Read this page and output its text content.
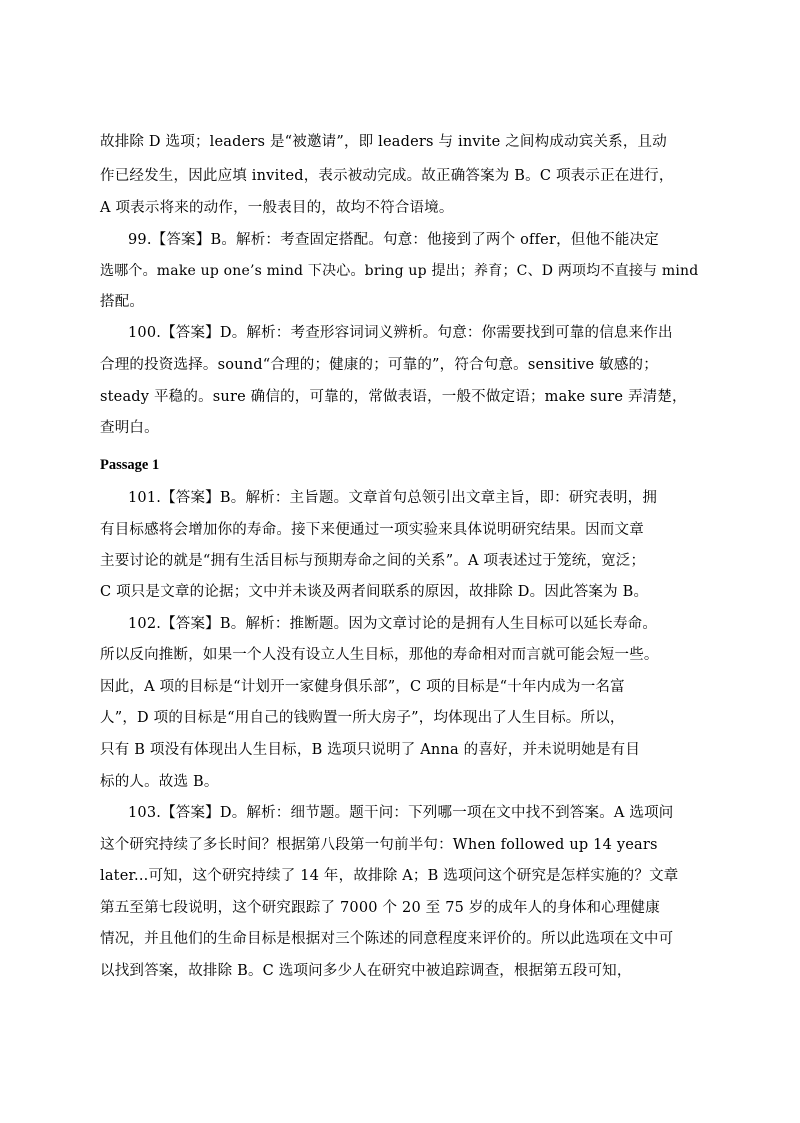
故排除 D 选项；leaders 是“被邀请”，即 leaders 与 invite 之间构成动宾关系，且动
作已经发生，因此应填 invited，表示被动完成。故正确答案为 B。C 项表示正在进行，
A 项表示将来的动作，一般表目的，故均不符合语境。
99.【答案】B。解析：考查固定搭配。句意：他接到了两个 offer，但他不能决定
选哪个。make up one’s mind 下决心。bring up 提出；养育；C、D 两项均不直接与 mind
搭配。
100.【答案】D。解析：考查形容词词义辨析。句意：你需要找到可靠的信息来作出
合理的投资选择。sound“合理的；健康的；可靠的”，符合句意。sensitive 敏感的；
steady 平稳的。sure 确信的，可靠的，常做表语，一般不做定语；make sure 弄清楚，
查明白。
Passage 1
101.【答案】B。解析：主旨题。文章首句总领引出文章主旨，即：研究表明，拥
有目标感将会增加你的寿命。接下来便通过一项实验来具体说明研究结果。因而文章
主要讨论的就是“拥有生活目标与预期寿命之间的关系”。A 项表述过于笼统，宽泛；
C 项只是文章的论据；文中并未谈及两者间联系的原因，故排除 D。因此答案为 B。
102.【答案】B。解析：推断题。因为文章讨论的是拥有人生目标可以延长寿命。
所以反向推断，如果一个人没有设立人生目标，那他的寿命相对而言就可能会短一些。
因此，A 项的目标是“计划开一家健身俱乐部”，C 项的目标是“十年内成为一名富
人”，D 项的目标是“用自己的钱购置一所大房子”，均体现出了人生目标。所以，
只有 B 项没有体现出人生目标，B 选项只说明了 Anna 的喜好，并未说明她是有目
标的人。故选 B。
103.【答案】D。解析：细节题。题干问：下列哪一项在文中找不到答案。A 选项问
这个研究持续了多长时间？根据第八段第一句前半句：When followed up 14 years
later...可知，这个研究持续了 14 年，故排除 A；B 选项问这个研究是怎样实施的？文章
第五至第七段说明，这个研究跟踪了 7000 个 20 至 75 岁的成年人的身体和心理健康
情况，并且他们的生命目标是根据对三个陈述的同意程度来评价的。所以此选项在文中可
以找到答案，故排除 B。C 选项问多少人在研究中被追踪调查，根据第五段可知，
